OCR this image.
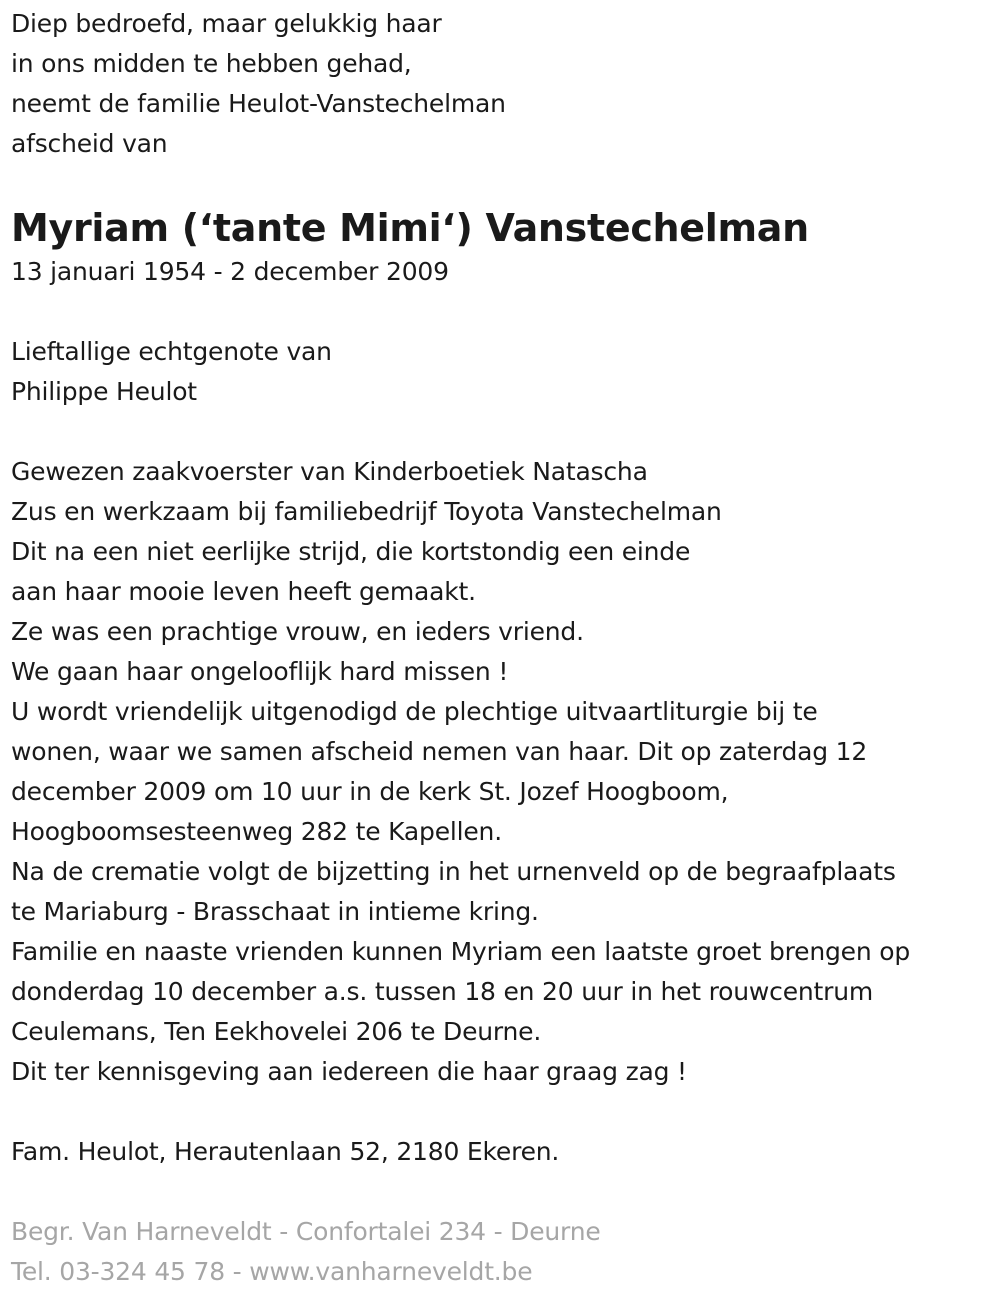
Diep bedroefd, maar gelukkig haar
in ons midden te hebben gehad,
neemt de familie Heulot-Vanstechelman
afscheid van
Myriam (‘tante Mimi‘) Vanstechelman
13 januari 1954 - 2 december 2009
Lieftallige echtgenote van
Philippe Heulot
Gewezen zaakvoerster van Kinderboetiek Natascha
Zus en werkzaam bij familiebedrijf Toyota Vanstechelman
Dit na een niet eerlijke strijd, die kortstondig een einde
aan haar mooie leven heeft gemaakt.
Ze was een prachtige vrouw, en ieders vriend.
We gaan haar ongelooflijk hard missen !
U wordt vriendelijk uitgenodigd de plechtige uitvaartliturgie bij te
wonen, waar we samen afscheid nemen van haar. Dit op zaterdag 12
december 2009 om 10 uur in de kerk St. Jozef Hoogboom,
Hoogboomsesteenweg 282 te Kapellen.
Na de crematie volgt de bijzetting in het urnenveld op de begraafplaats
te Mariaburg - Brasschaat in intieme kring.
Familie en naaste vrienden kunnen Myriam een laatste groet brengen op
donderdag 10 december a.s. tussen 18 en 20 uur in het rouwcentrum
Ceulemans, Ten Eekhovelei 206 te Deurne.
Dit ter kennisgeving aan iedereen die haar graag zag !
Fam. Heulot, Herautenlaan 52, 2180 Ekeren.
Begr. Van Harneveldt - Confortalei 234 - Deurne
Tel. 03-324 45 78 - www.vanharneveldt.be
